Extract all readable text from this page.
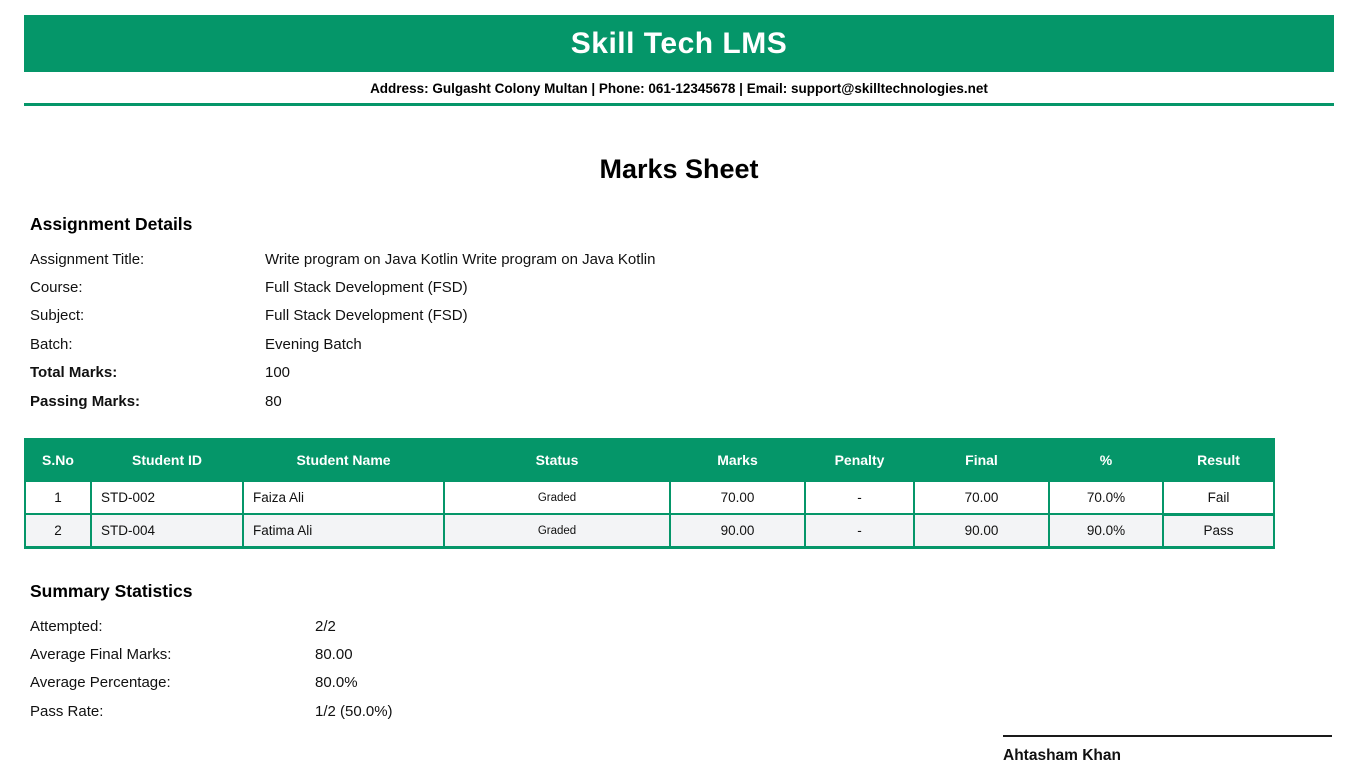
Skill Tech LMS
Address: Gulgasht Colony Multan | Phone: 061-12345678 | Email: support@skilltechnologies.net
Marks Sheet
Assignment Details
Assignment Title:	Write program on Java Kotlin Write program on Java Kotlin
Course:	Full Stack Development (FSD)
Subject:	Full Stack Development (FSD)
Batch:	Evening Batch
Total Marks:	100
Passing Marks:	80
S.No	Student ID	Student Name	Status	Marks	Penalty	Final	%	Result
1	STD-002	Faiza Ali	Graded	70.00	-	70.00	70.0%	Fail
2	STD-004	Fatima Ali	Graded	90.00	-	90.00	90.0%	Pass
Summary Statistics
Attempted:	2/2
Average Final Marks:	80.00
Average Percentage:	80.0%
Pass Rate:	1/2 (50.0%)
Ahtasham Khan
